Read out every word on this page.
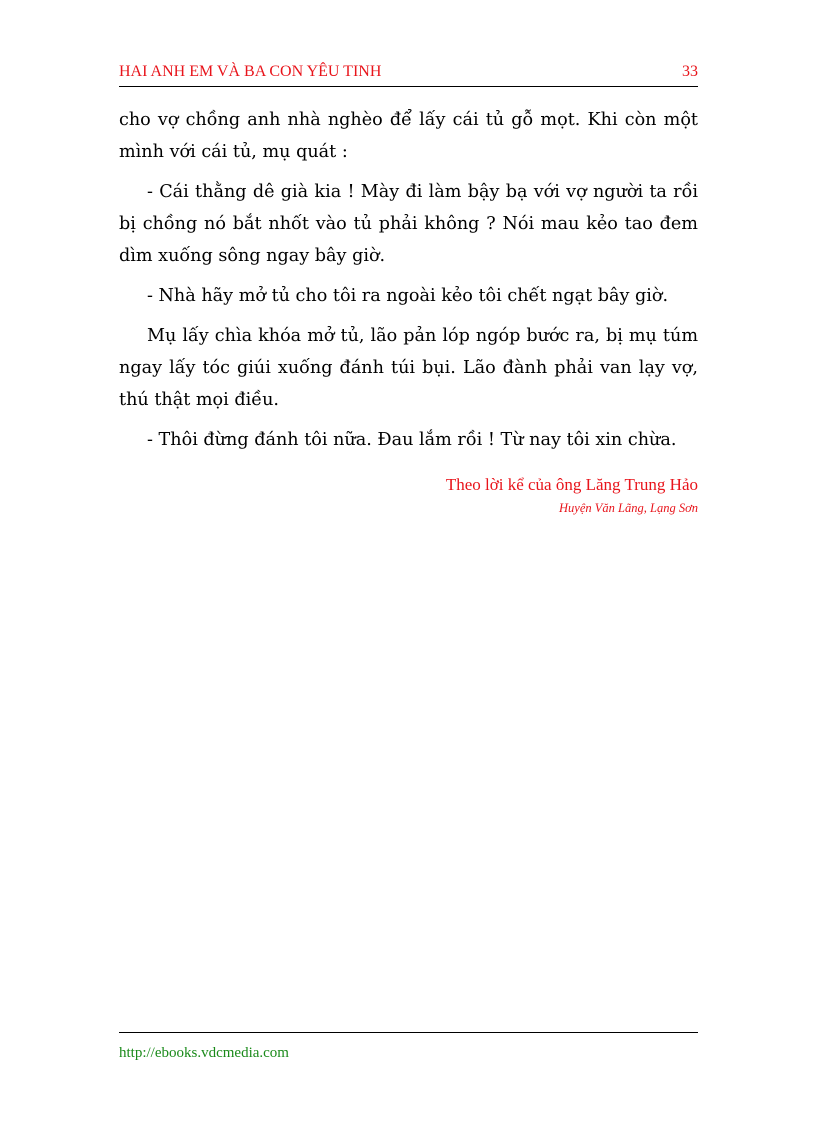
HAI ANH EM VÀ BA CON YÊU TINH	33

cho vợ chồng anh nhà nghèo để lấy cái tủ gỗ mọt. Khi còn một mình với cái tủ, mụ quát :

- Cái thằng dê già kia ! Mày đi làm bậy bạ với vợ người ta rồi bị chồng nó bắt nhốt vào tủ phải không ? Nói mau kẻo tao đem dìm xuống sông ngay bây giờ.

- Nhà hãy mở tủ cho tôi ra ngoài kẻo tôi chết ngạt bây giờ.

Mụ lấy chìa khóa mở tủ, lão pản lóp ngóp bước ra, bị mụ túm ngay lấy tóc giúi xuống đánh túi bụi. Lão đành phải van lạy vợ, thú thật mọi điều.

- Thôi đừng đánh tôi nữa. Đau lắm rồi ! Từ nay tôi xin chừa.

Theo lời kể của ông Lăng Trung Hảo
Huyện Văn Lãng, Lạng Sơn
http://ebooks.vdcmedia.com
